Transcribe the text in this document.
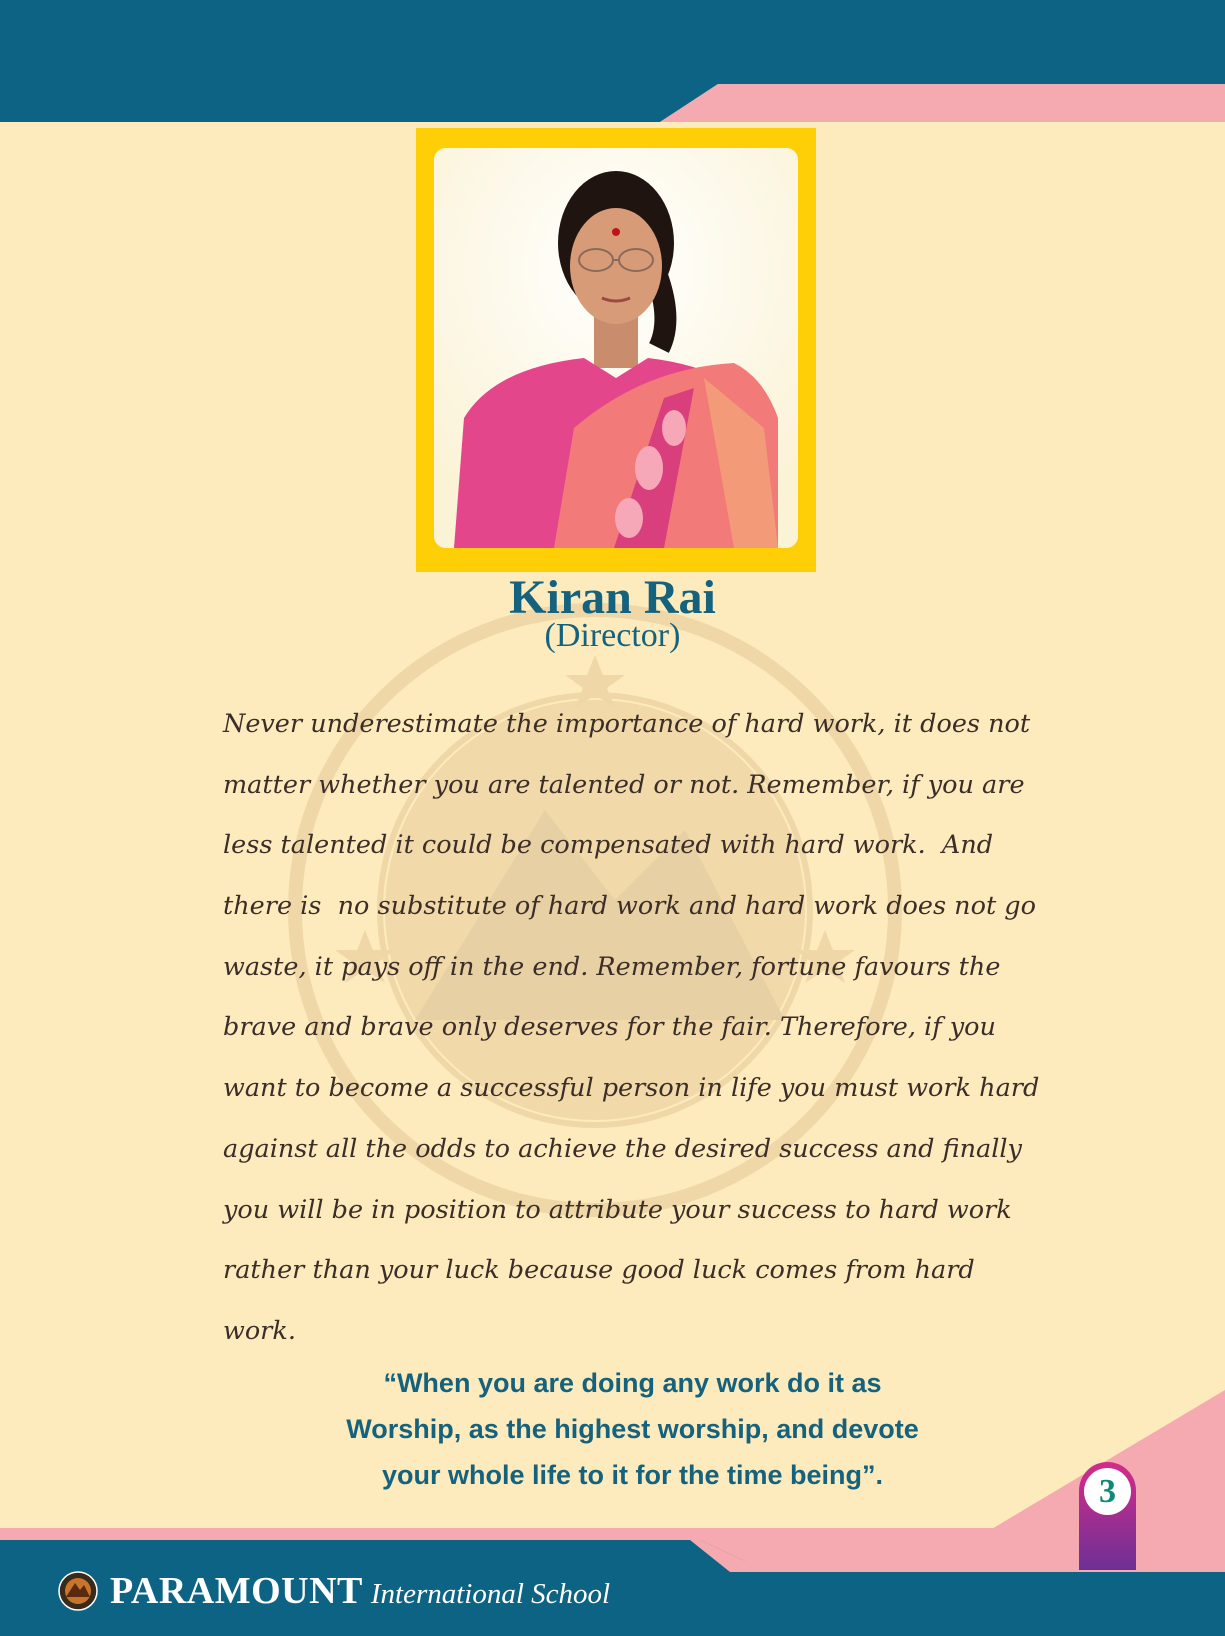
Kiran Rai
(Director)

Never underestimate the importance of hard work, it does not
matter whether you are talented or not. Remember, if you are
less talented it could be compensated with hard work.  And
there is  no substitute of hard work and hard work does not go
waste, it pays off in the end. Remember, fortune favours the
brave and brave only deserves for the fair. Therefore, if you
want to become a successful person in life you must work hard
against all the odds to achieve the desired success and finally
you will be in position to attribute your success to hard work
rather than your luck because good luck comes from hard
work.

“When you are doing any work do it as
Worship, as the highest worship, and devote
your whole life to it for the time being”.	3
PARAMOUNT International School
